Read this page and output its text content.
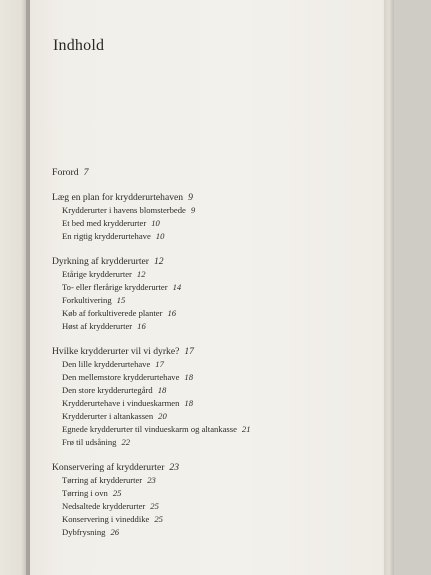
Indhold
Forord 7
Læg en plan for krydderurtehaven 9
Krydderurter i havens blomsterbede 9
Et bed med krydderurter 10
En rigtig krydderurtehave 10
Dyrkning af krydderurter 12
Etårige krydderurter 12
To- eller flerårige krydderurter 14
Forkultivering 15
Køb af forkultiverede planter 16
Høst af krydderurter 16
Hvilke krydderurter vil vi dyrke? 17
Den lille krydderurtehave 17
Den mellemstore krydderurtehave 18
Den store krydderurtegård 18
Krydderurtehave i vindueskarmen 18
Krydderurter i altankassen 20
Egnede krydderurter til vindueskarm og altankasse 21
Frø til udsåning 22
Konservering af krydderurter 23
Tørring af krydderurter 23
Tørring i ovn 25
Nedsaltede krydderurter 25
Konservering i vineddike 25
Dybfrysning 26
